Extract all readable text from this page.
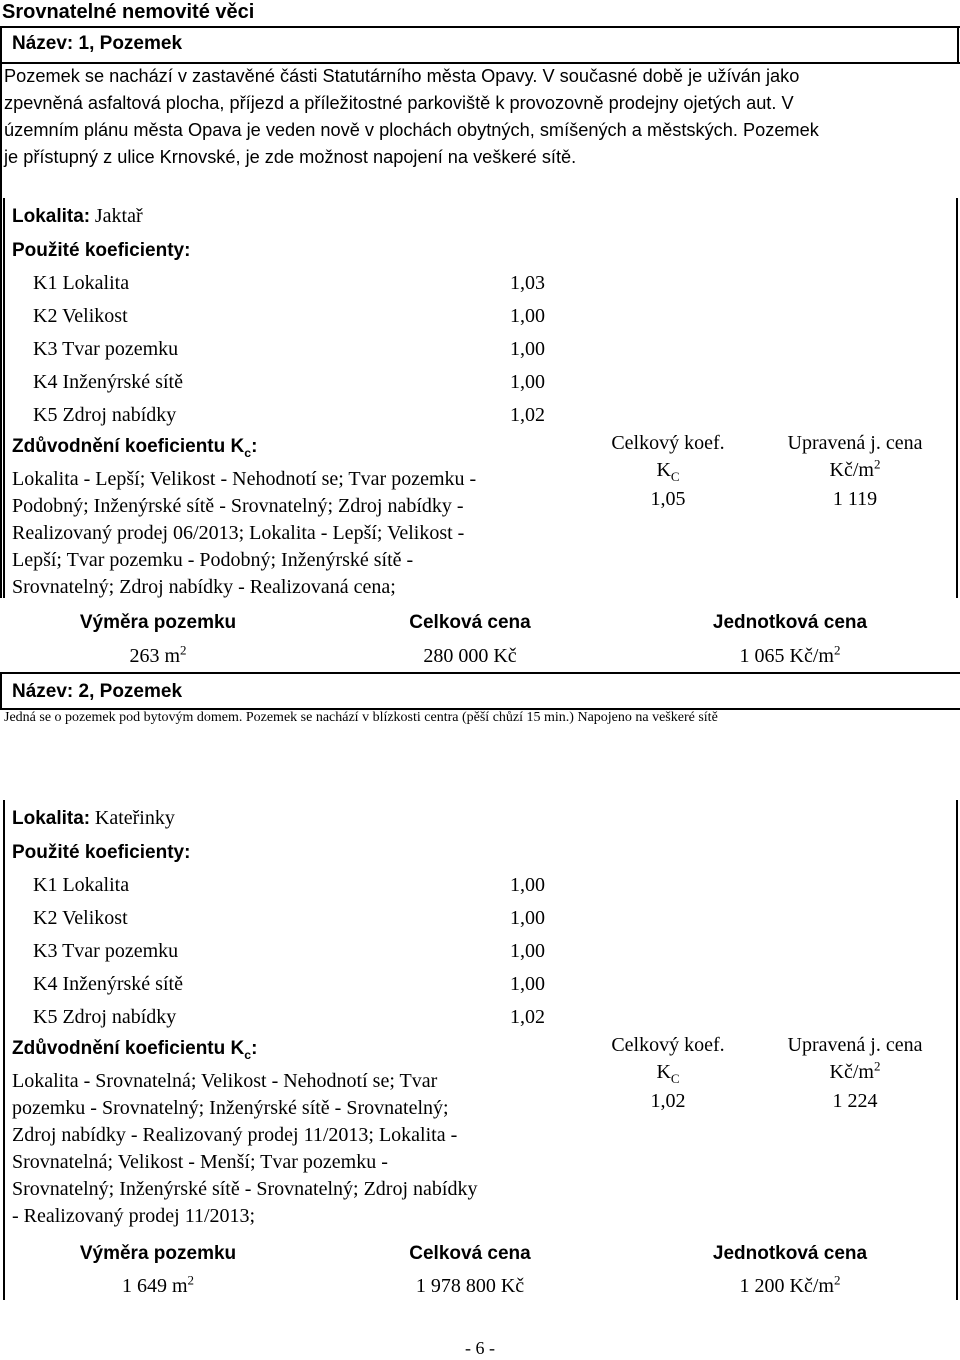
Srovnatelné nemovité věci
Název: 1, Pozemek
Pozemek se nachází v zastavěné části Statutárního města Opavy. V současné době je užíván jako
zpevněná asfaltová plocha, příjezd a příležitostné parkoviště k provozovně prodejny ojetých aut. V
územním plánu města Opava je veden nově v plochách obytných, smíšených a městských. Pozemek
je přístupný z ulice Krnovské, je zde možnost napojení na veškeré sítě.
Lokalita: Jaktař
Použité koeficienty:
K1 Lokalita	1,03
K2 Velikost	1,00
K3 Tvar pozemku	1,00
K4 Inženýrské sítě	1,00
K5 Zdroj nabídky	1,02
Zdůvodnění koeficientu $K_c$:
Lokalita - Lepší; Velikost - Nehodnotí se; Tvar pozemku -
Podobný; Inženýrské sítě - Srovnatelný; Zdroj nabídky -
Realizovaný prodej 06/2013; Lokalita - Lepší; Velikost -
Lepší; Tvar pozemku - Podobný; Inženýrské sítě -
Srovnatelný; Zdroj nabídky - Realizovaná cena;
Celkový koef.
$K_C$
1,05
Upravená j. cena
$Kč/m^2$
1 119
Výměra pozemku	Celková cena	Jednotková cena
263 $m^2$	280 000 Kč	1 065 $Kč/m^2$
Název: 2, Pozemek
Jedná se o pozemek pod bytovým domem. Pozemek se nachází v blízkosti centra (pěší chůzí 15 min.) Napojeno na veškeré sítě
Lokalita: Kateřinky
Použité koeficienty:
K1 Lokalita	1,00
K2 Velikost	1,00
K3 Tvar pozemku	1,00
K4 Inženýrské sítě	1,00
K5 Zdroj nabídky	1,02
Zdůvodnění koeficientu $K_c$:
Lokalita - Srovnatelná; Velikost - Nehodnotí se; Tvar
pozemku - Srovnatelný; Inženýrské sítě - Srovnatelný;
Zdroj nabídky - Realizovaný prodej 11/2013; Lokalita -
Srovnatelná; Velikost - Menší; Tvar pozemku -
Srovnatelný; Inženýrské sítě - Srovnatelný; Zdroj nabídky
- Realizovaný prodej 11/2013;
Celkový koef.
$K_C$
1,02
Upravená j. cena
$Kč/m^2$
1 224
Výměra pozemku	Celková cena	Jednotková cena
1 649 $m^2$	1 978 800 Kč	1 200 $Kč/m^2$
- 6 -
